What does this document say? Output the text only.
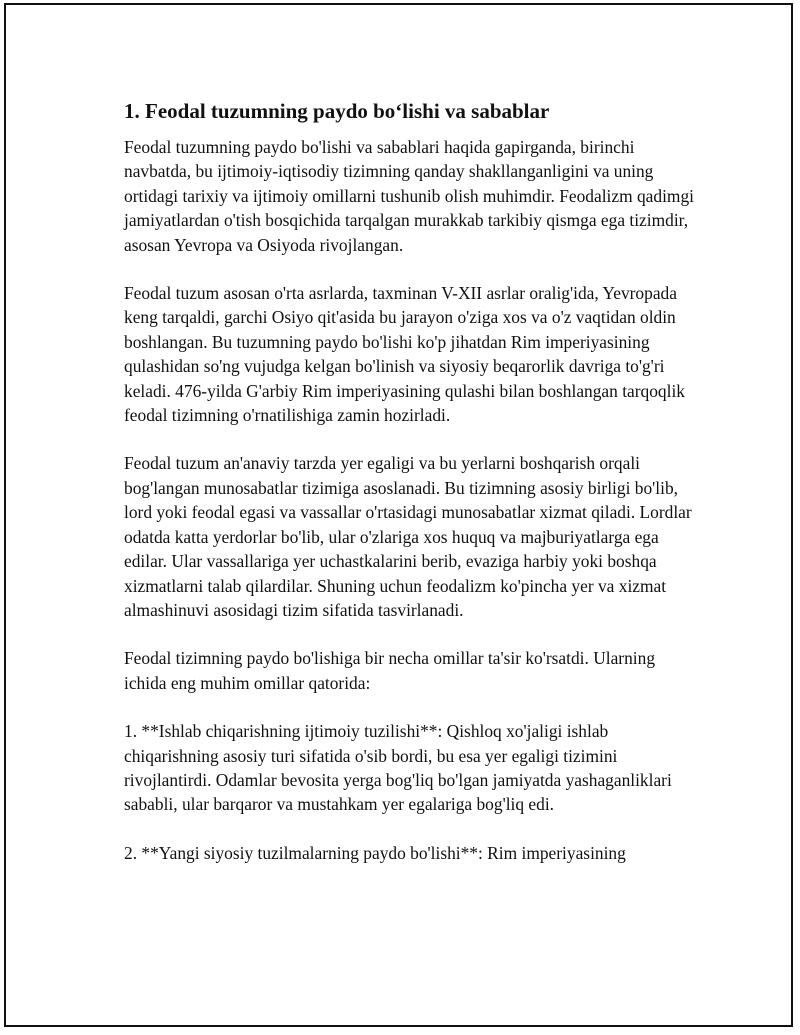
1. Feodal tuzumning paydo bo‘lishi va sabablar

Feodal tuzumning paydo bo'lishi va sabablari haqida gapirganda, birinchi navbatda, bu ijtimoiy-iqtisodiy tizimning qanday shakllanganligini va uning ortidagi tarixiy va ijtimoiy omillarni tushunib olish muhimdir. Feodalizm qadimgi jamiyatlardan o'tish bosqichida tarqalgan murakkab tarkibiy qismga ega tizimdir, asosan Yevropa va Osiyoda rivojlangan.

Feodal tuzum asosan o'rta asrlarda, taxminan V-XII asrlar oralig'ida, Yevropada keng tarqaldi, garchi Osiyo qit'asida bu jarayon o'ziga xos va o'z vaqtidan oldin boshlangan. Bu tuzumning paydo bo'lishi ko'p jihatdan Rim imperiyasining qulashidan so'ng vujudga kelgan bo'linish va siyosiy beqarorlik davriga to'g'ri keladi. 476-yilda G'arbiy Rim imperiyasining qulashi bilan boshlangan tarqoqlik feodal tizimning o'rnatilishiga zamin hozirladi.

Feodal tuzum an'anaviy tarzda yer egaligi va bu yerlarni boshqarish orqali bog'langan munosabatlar tizimiga asoslanadi. Bu tizimning asosiy birligi bo'lib, lord yoki feodal egasi va vassallar o'rtasidagi munosabatlar xizmat qiladi. Lordlar odatda katta yerdorlar bo'lib, ular o'zlariga xos huquq va majburiyatlarga ega edilar. Ular vassallariga yer uchastkalarini berib, evaziga harbiy yoki boshqa xizmatlarni talab qilardilar. Shuning uchun feodalizm ko'pincha yer va xizmat almashinuvi asosidagi tizim sifatida tasvirlanadi.

Feodal tizimning paydo bo'lishiga bir necha omillar ta'sir ko'rsatdi. Ularning ichida eng muhim omillar qatorida:

1. **Ishlab chiqarishning ijtimoiy tuzilishi**: Qishloq xo'jaligi ishlab chiqarishning asosiy turi sifatida o'sib bordi, bu esa yer egaligi tizimini rivojlantirdi. Odamlar bevosita yerga bog'liq bo'lgan jamiyatda yashaganliklari sababli, ular barqaror va mustahkam yer egalariga bog'liq edi.

2. **Yangi siyosiy tuzilmalarning paydo bo'lishi**: Rim imperiyasining
